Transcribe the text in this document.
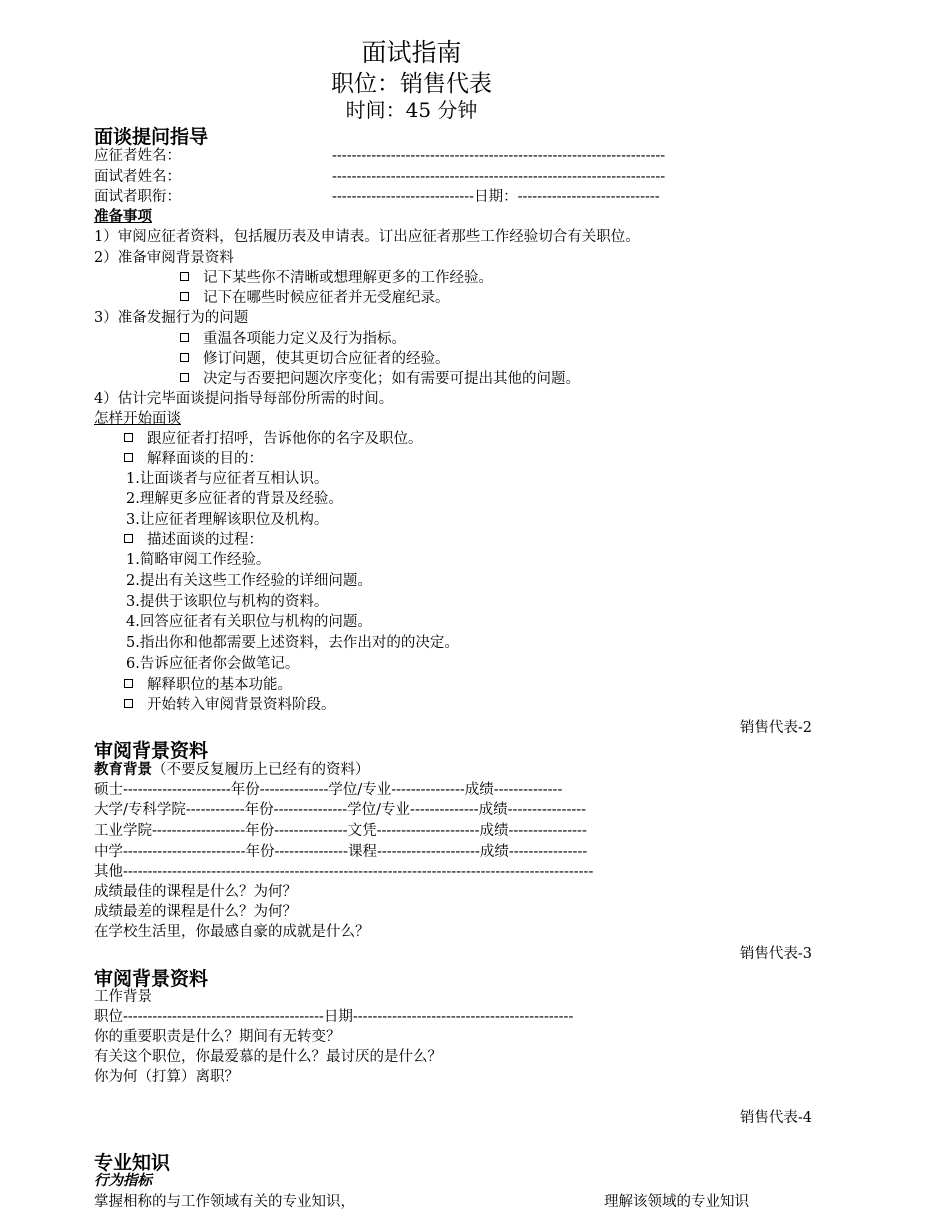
面试指南
职位：销售代表
时间：45 分钟
面谈提问指导
应征者姓名：	--------------------------------------------------------------------
面试者姓名：	--------------------------------------------------------------------
面试者职衔：	-----------------------------日期：-----------------------------
准备事项
1）审阅应征者资料，包括履历表及申请表。订出应征者那些工作经验切合有关职位。
2）准备审阅背景资料
记下某些你不清晰或想理解更多的工作经验。
记下在哪些时候应征者并无受雇纪录。
3）准备发掘行为的问题
重温各项能力定义及行为指标。
修订问题，使其更切合应征者的经验。
决定与否要把问题次序变化；如有需要可提出其他的问题。
4）估计完毕面谈提问指导每部份所需的时间。
怎样开始面谈
跟应征者打招呼，告诉他你的名字及职位。
解释面谈的目的：
1.让面谈者与应征者互相认识。
2.理解更多应征者的背景及经验。
3.让应征者理解该职位及机构。
描述面谈的过程：
1.简略审阅工作经验。
2.提出有关这些工作经验的详细问题。
3.提供于该职位与机构的资料。
4.回答应征者有关职位与机构的问题。
5.指出你和他都需要上述资料，去作出对的的决定。
6.告诉应征者你会做笔记。
解释职位的基本功能。
开始转入审阅背景资料阶段。
销售代表-2
审阅背景资料
教育背景（不要反复履历上已经有的资料）
硕士----------------------年份--------------学位/专业---------------成绩--------------
大学/专科学院------------年份---------------学位/专业--------------成绩----------------
工业学院-------------------年份---------------文凭---------------------成绩----------------
中学-------------------------年份---------------课程---------------------成绩----------------
其他------------------------------------------------------------------------------------------------
成绩最佳的课程是什么？为何？
成绩最差的课程是什么？为何？
在学校生活里，你最感自豪的成就是什么？
销售代表-3
审阅背景资料
工作背景
职位-----------------------------------------日期---------------------------------------------
你的重要职责是什么？期间有无转变？
有关这个职位，你最爱慕的是什么？最讨厌的是什么？
你为何（打算）离职？
销售代表-4
专业知识
行为指标
掌握相称的与工作领域有关的专业知识，	理解该领域的专业知识
